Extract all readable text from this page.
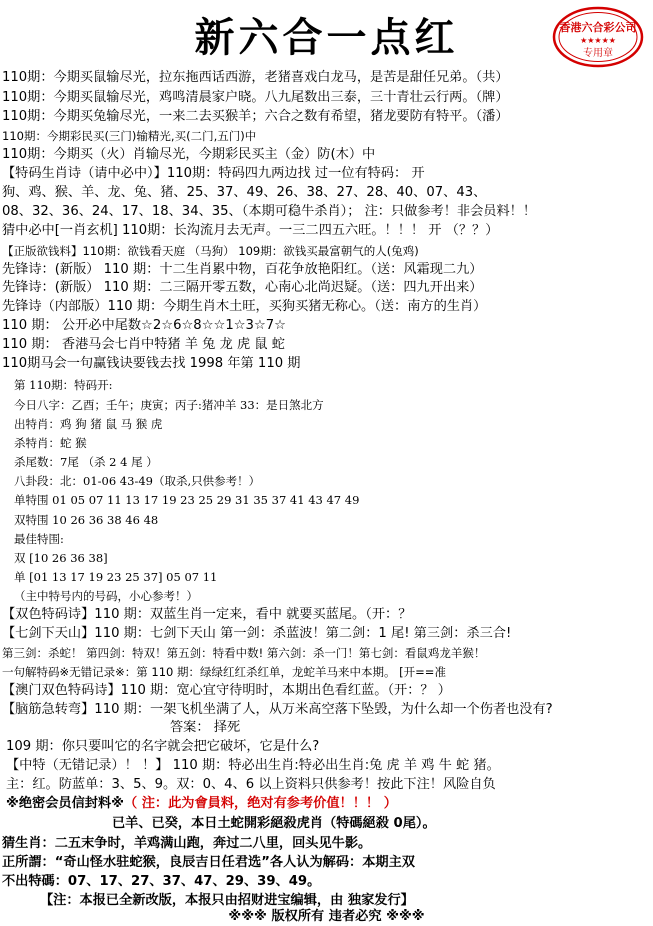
新六合一点红	香港六合彩公司
★★★★★
专用章
110期：今期买鼠输尽光，拉东拖西话西游，老猪喜戏白龙马，是苦是甜任兄弟。（共）
110期：今期买鼠输尽光，鸡鸣清晨家户晓。八九尾数出三泰，三十青壮云行两。（牌）
110期：今期买兔输尽光，一来二去买猴羊；六合之数有希望，猪龙要防有特平。（潘）
110期：今期彩民买(三门)输精光,买(二门,五门)中
110期：今期买（火）肖输尽光，今期彩民买主（金）防(木）中
【特码生肖诗（请中必中）】110期：特码四九两边找 过一位有特码： 开
狗、鸡、猴、羊、龙、兔、猪、25、37、49、26、38、27、28、40、07、43、
08、32、36、24、17、18、34、35、（本期可稳牛杀肖）； 注：只做参考！非会员料！！
猜中必中[一肖玄机] 110期：长沟流月去无声。一三二四五六旺。！！！ 开 （？？）
【正版欲钱料】110期：欲钱看天庭 （马狗） 109期：欲钱买最富朝气的人(兔鸡)
先锋诗：(新版） 110 期：十二生肖累中物，百花争放艳阳红。（送：风霜现二九）
先锋诗：(新版） 110 期：二三隔开零五数，心南心北尚迟疑。（送：四九开出来）
先锋诗（内部版）110 期：今期生肖木土旺，买狗买猪无称心。（送：南方的生肖）
110 期： 公开必中尾数☆2☆6☆8☆☆1☆3☆7☆
110 期： 香港马会七肖中特猪 羊 兔 龙 虎 鼠 蛇
110期马会一句赢钱诀要钱去找 1998 年第 110 期
第 110期：特码开:
今日八字：乙酉；壬午；庚寅；丙子:猪冲羊 33：是日煞北方
出特肖：鸡 狗 猪 鼠 马 猴 虎
杀特肖：蛇 猴
杀尾数：7尾 （杀 2 4 尾 ）
八卦段：北：01-06 43-49（取杀,只供参考！）
单特围 01 05 07 11 13 17 19 23 25 29 31 35 37 41 43 47 49
双特围 10 26 36 38 46 48
最佳特围:
双 [10 26 36 38]
单 [01 13 17 19 23 25 37] 05 07 11
（主中特号内的号码，小心参考！）
【双色特码诗】110 期：双蓝生肖一定来，看中 就要买蓝尾。（开：？
【七剑下天山】110 期：七剑下天山 第一剑：杀蓝波！第二剑：1 尾! 第三剑：杀三合!
第三剑：杀蛇！ 第四剑：特双！第五剑：特看中数! 第六剑：杀一门！第七剑：看鼠鸡龙羊猴！
一句解特码※无错记录※：第 110 期：绿绿红红杀红单，龙蛇羊马来中本期。 [开==准
【澳门双色特码诗】110 期：宽心宜守待明时，本期出色看红蓝。（开：？ ）
【脑筋急转弯】110 期：一架飞机坐满了人，从万米高空落下坠毁，为什么却一个伤者也没有?
答案： 择死
109 期：你只要叫它的名字就会把它破坏，它是什么?
【中特（无错记录）！ ！】 110 期：特必出生肖:特必出生肖:兔 虎 羊 鸡 牛 蛇 猪。
主：红。防蓝单：3、5、9。双：0、4、6 以上资料只供参考！按此下注！风险自负
※绝密会员信封料※（ 注：此为會員料，绝对有参考价值！！！ ）
已羊、已癸，本日土蛇開彩絕殺虎肖（特碼絕殺 0尾）。
猜生肖：二五末争时，羊鸡满山跑，奔过二八里，回头见牛影。
正所謂：“奇山怪水驻蛇猴，良辰吉日任君选”各人认为解码：本期主双
不出特碼：07、17、27、37、47、29、39、49。
【注：本报已全新改版，本报只由招财进宝编辑，由 独家发行】
※※※ 版权所有 违者必究 ※※※
